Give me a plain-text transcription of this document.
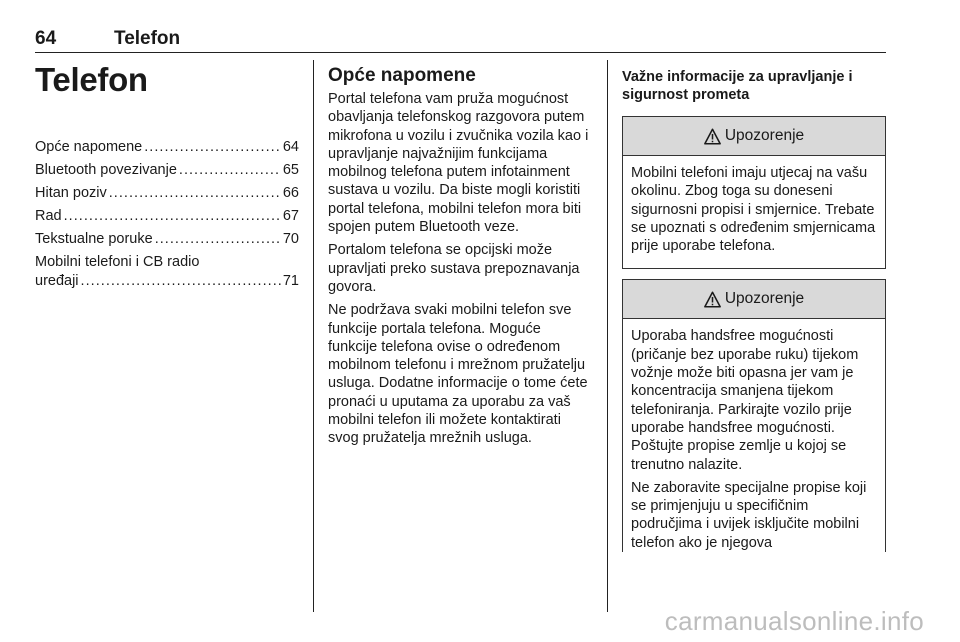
64	Telefon
Telefon
Opće napomene . . .	64
Bluetooth povezivanje . . .	65
Hitan poziv . . .	66
Rad . . .	67
Tekstualne poruke . . .	70
Mobilni telefoni i CB radio
uređaji . . .	71
Opće napomene

Portal telefona vam pruža mogućnost obavljanja telefonskog razgovora putem mikrofona u vozilu i zvučnika vozila kao i upravljanje najvažnijim funkcijama mobilnog telefona putem infotainment sustava u vozilu. Da biste mogli koristiti portal telefona, mobilni telefon mora biti spojen putem Bluetooth veze.

Portalom telefona se opcijski može upravljati preko sustava prepoznavanja govora.

Ne podržava svaki mobilni telefon sve funkcije portala telefona. Moguće funkcije telefona ovise o određenom mobilnom telefonu i mrežnom pružatelju usluga. Dodatne informacije o tome ćete pronaći u uputama za uporabu za vaš mobilni telefon ili možete kontaktirati svog pružatelja mrežnih usluga.

Važne informacije za upravljanje i sigurnost prometa
Upozorenje

Mobilni telefoni imaju utjecaj na vašu okolinu. Zbog toga su doneseni sigurnosni propisi i smjernice. Trebate se upoznati s određenim smjernicama prije uporabe telefona.

Upozorenje

Uporaba handsfree mogućnosti (pričanje bez uporabe ruku) tijekom vožnje može biti opasna jer vam je koncentracija smanjena tijekom telefoniranja. Parkirajte vozilo prije uporabe handsfree mogućnosti. Poštujte propise zemlje u kojoj se trenutno nalazite.

Ne zaboravite specijalne propise koji se primjenjuju u specifičnim područjima i uvijek isključite mobilni telefon ako je njegova

carmanualsonline.info
